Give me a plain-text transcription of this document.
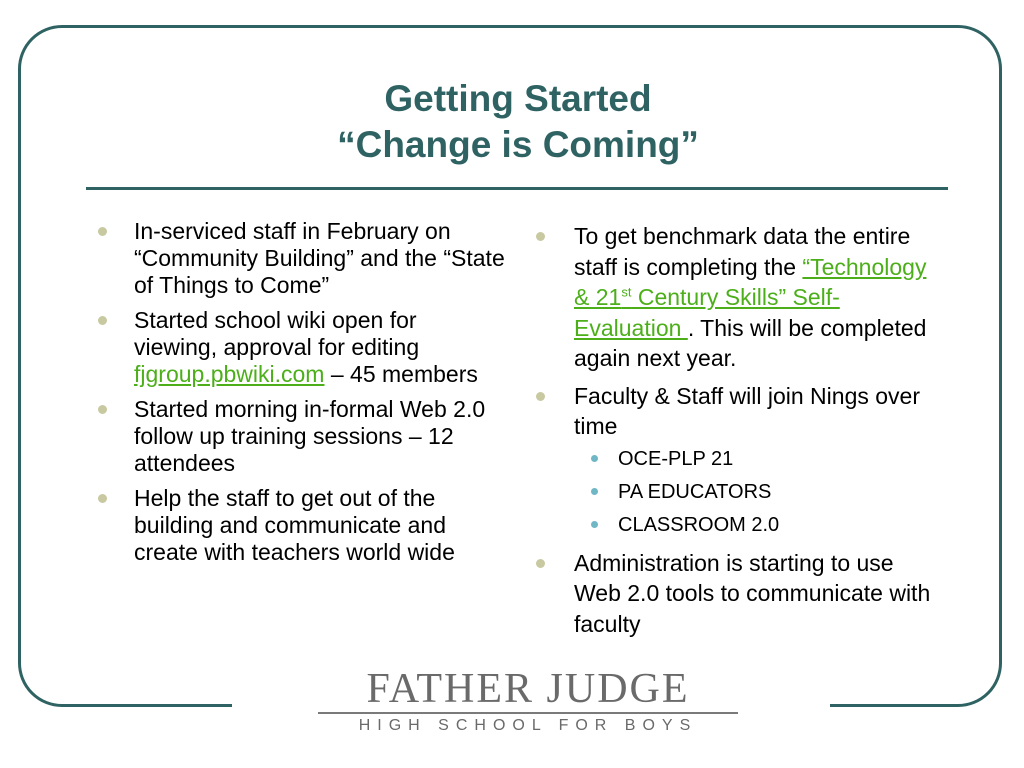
Getting Started
“Change is Coming”
In-serviced staff in February on “Community Building” and the “State of Things to Come”
Started school wiki open for viewing, approval for editing fjgroup.pbwiki.com – 45 members
Started morning in-formal Web 2.0 follow up training sessions – 12 attendees
Help the staff to get out of the building and communicate and create with teachers world wide
To get benchmark data the entire staff is completing the “Technology & 21st Century Skills” Self-Evaluation . This will be completed again next year.
Faculty & Staff will join Nings over time
OCE-PLP 21
PA EDUCATORS
CLASSROOM 2.0
Administration is starting to use Web 2.0 tools to communicate with faculty
FATHER JUDGE
HIGH SCHOOL FOR BOYS
